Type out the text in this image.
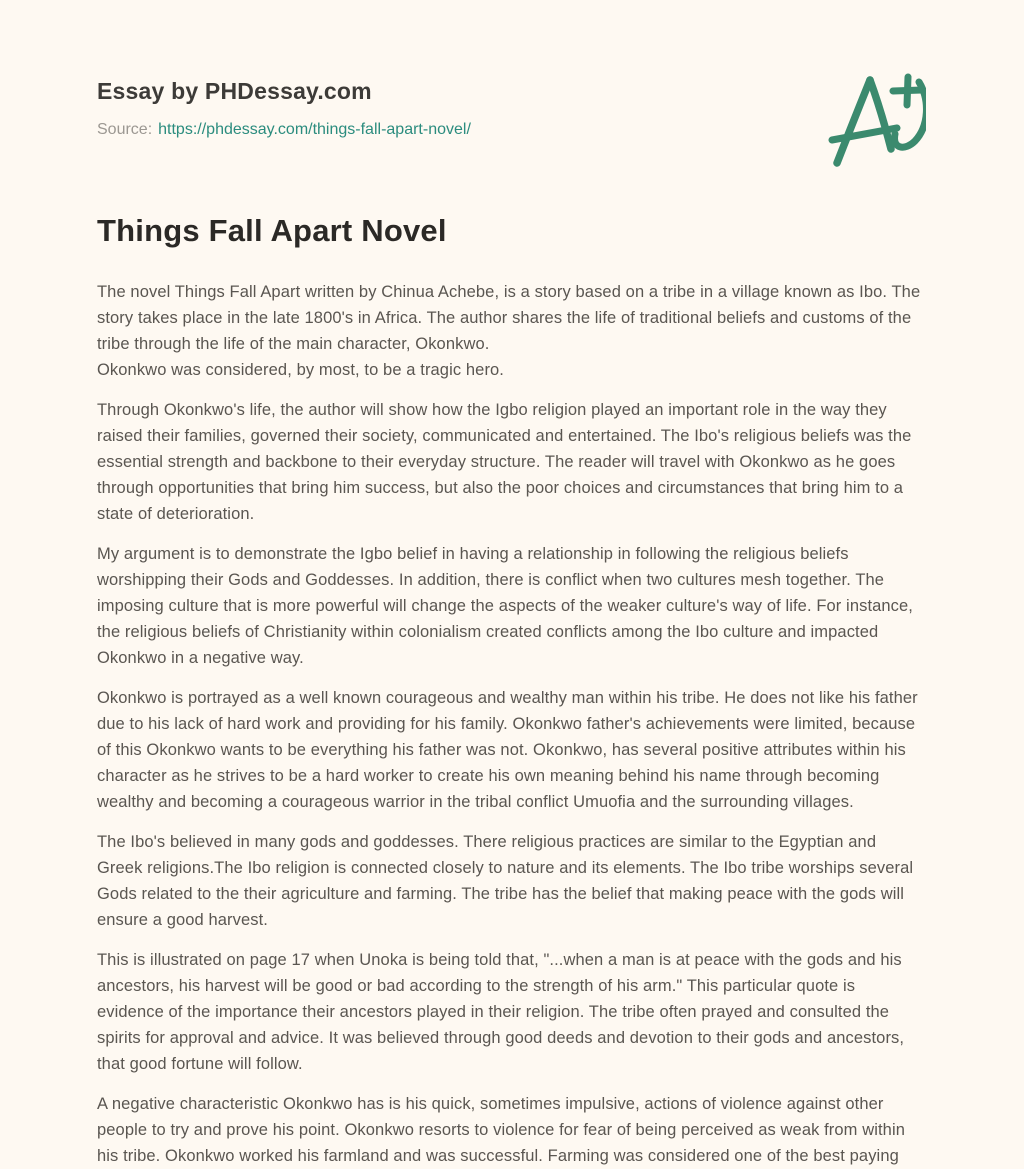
Essay by PHDessay.com
Source: https://phdessay.com/things-fall-apart-novel/
Things Fall Apart Novel

The novel Things Fall Apart written by Chinua Achebe, is a story based on a tribe in a village known as Ibo. The story takes place in the late 1800's in Africa. The author shares the life of traditional beliefs and customs of the tribe through the life of the main character, Okonkwo.
Okonkwo was considered, by most, to be a tragic hero.

Through Okonkwo's life, the author will show how the Igbo religion played an important role in the way they raised their families, governed their society, communicated and entertained. The Ibo's religious beliefs was the essential strength and backbone to their everyday structure. The reader will travel with Okonkwo as he goes through opportunities that bring him success, but also the poor choices and circumstances that bring him to a state of deterioration.

My argument is to demonstrate the Igbo belief in having a relationship in following the religious beliefs worshipping their Gods and Goddesses. In addition, there is conflict when two cultures mesh together. The imposing culture that is more powerful will change the aspects of the weaker culture's way of life. For instance, the religious beliefs of Christianity within colonialism created conflicts among the Ibo culture and impacted Okonkwo in a negative way.

Okonkwo is portrayed as a well known courageous and wealthy man within his tribe. He does not like his father due to his lack of hard work and providing for his family. Okonkwo father's achievements were limited, because of this Okonkwo wants to be everything his father was not. Okonkwo, has several positive attributes within his character as he strives to be a hard worker to create his own meaning behind his name through becoming wealthy and becoming a courageous warrior in the tribal conflict Umuofia and the surrounding villages.

The Ibo's believed in many gods and goddesses. There religious practices are similar to the Egyptian and Greek religions.The Ibo religion is connected closely to nature and its elements. The Ibo tribe worships several Gods related to the their agriculture and farming. The tribe has the belief that making peace with the gods will ensure a good harvest.

This is illustrated on page 17 when Unoka is being told that, "...when a man is at peace with the gods and his ancestors, his harvest will be good or bad according to the strength of his arm." This particular quote is evidence of the importance their ancestors played in their religion. The tribe often prayed and consulted the spirits for approval and advice. It was believed through good deeds and devotion to their gods and ancestors, that good fortune will follow.

A negative characteristic Okonkwo has is his quick, sometimes impulsive, actions of violence against other people to try and prove his point. Okonkwo resorts to violence for fear of being perceived as weak from within his tribe. Okonkwo worked his farmland and was successful. Farming was considered one of the best paying
